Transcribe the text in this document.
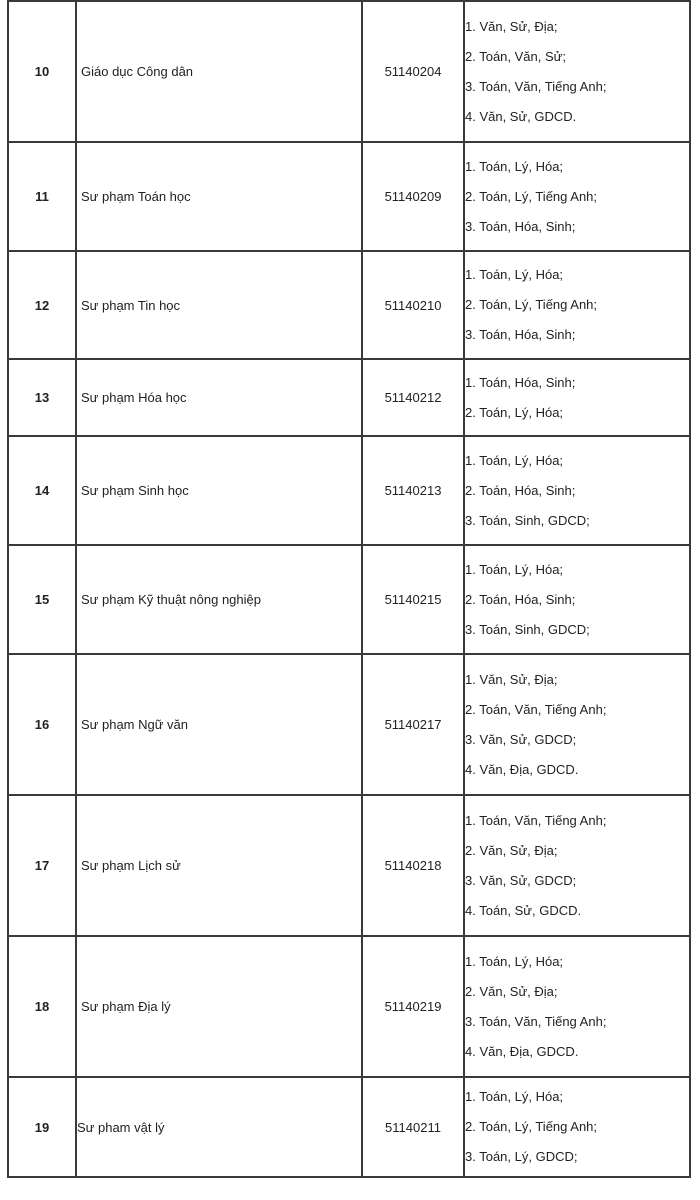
10	Giáo dục Công dân	51140204	1. Văn, Sử, Địa;
2. Toán, Văn, Sử;
3. Toán, Văn, Tiếng Anh;
4. Văn, Sử, GDCD.

11	Sư phạm Toán học	51140209	1. Toán, Lý, Hóa;
2. Toán, Lý, Tiếng Anh;
3. Toán, Hóa, Sinh;

12	Sư phạm Tin học	51140210	1. Toán, Lý, Hóa;
2. Toán, Lý, Tiếng Anh;
3. Toán, Hóa, Sinh;

13	Sư phạm Hóa học	51140212	1. Toán, Hóa, Sinh;
2. Toán, Lý, Hóa;

14	Sư phạm Sinh học	51140213	1. Toán, Lý, Hóa;
2. Toán, Hóa, Sinh;
3. Toán, Sinh, GDCD;

15	Sư phạm Kỹ thuật nông nghiệp	51140215	1. Toán, Lý, Hóa;
2. Toán, Hóa, Sinh;
3. Toán, Sinh, GDCD;

16	Sư phạm Ngữ văn	51140217	1. Văn, Sử, Địa;
2. Toán, Văn, Tiếng Anh;
3. Văn, Sử, GDCD;
4. Văn, Địa, GDCD.

17	Sư phạm Lịch sử	51140218	1. Toán, Văn, Tiếng Anh;
2. Văn, Sử, Địa;
3. Văn, Sử, GDCD;
4. Toán, Sử, GDCD.

18	Sư phạm Địa lý	51140219	1. Toán, Lý, Hóa;
2. Văn, Sử, Địa;
3. Toán, Văn, Tiếng Anh;
4. Văn, Địa, GDCD.

19	Sư pham vật lý	51140211	1. Toán, Lý, Hóa;
2. Toán, Lý, Tiếng Anh;
3. Toán, Lý, GDCD;
